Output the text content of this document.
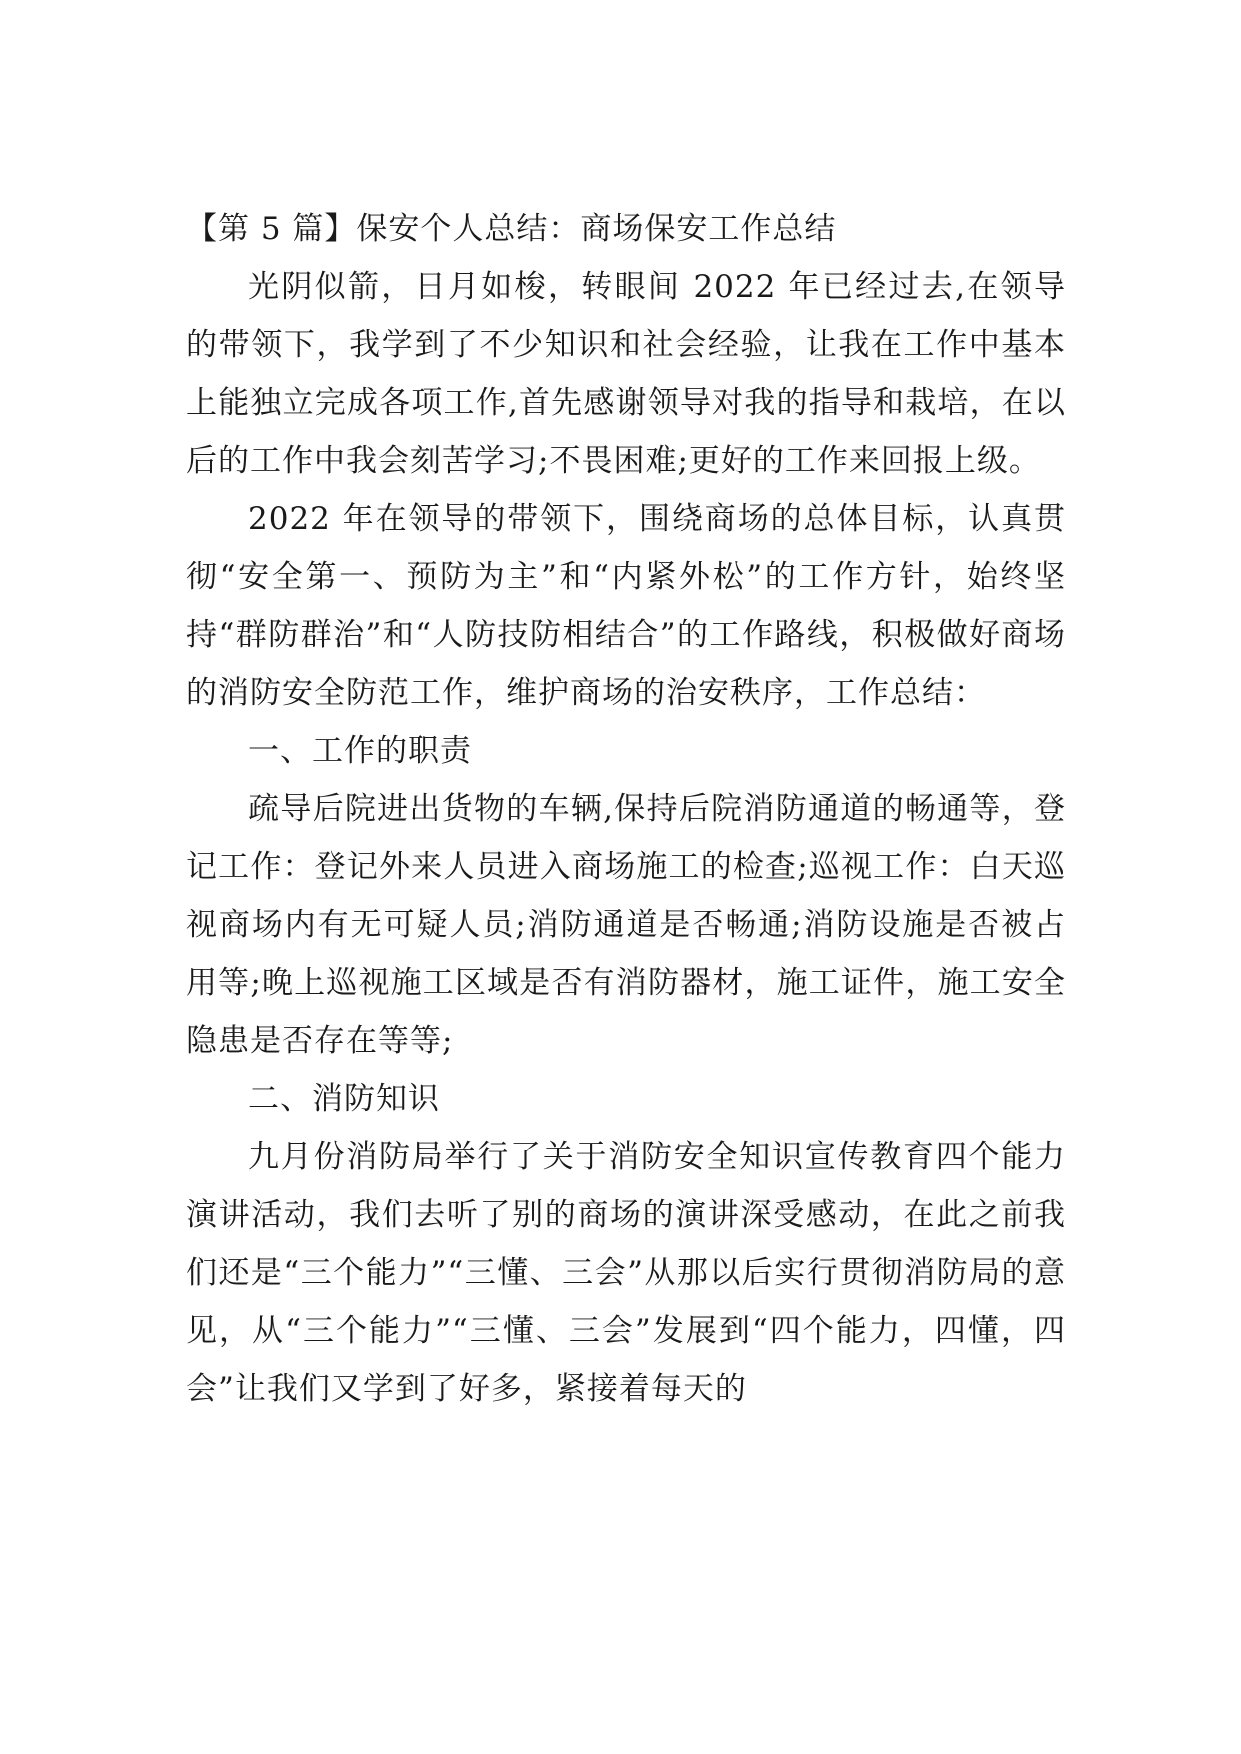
【第 5 篇】保安个人总结：商场保安工作总结

光阴似箭，日月如梭，转眼间 2022 年已经过去,在领导的带领下，我学到了不少知识和社会经验，让我在工作中基本上能独立完成各项工作,首先感谢领导对我的指导和栽培，在以后的工作中我会刻苦学习;不畏困难;更好的工作来回报上级。

2022 年在领导的带领下，围绕商场的总体目标，认真贯彻“安全第一、预防为主”和“内紧外松”的工作方针，始终坚持“群防群治”和“人防技防相结合”的工作路线，积极做好商场的消防安全防范工作，维护商场的治安秩序，工作总结：

一、工作的职责

疏导后院进出货物的车辆,保持后院消防通道的畅通等，登记工作：登记外来人员进入商场施工的检查;巡视工作：白天巡视商场内有无可疑人员;消防通道是否畅通;消防设施是否被占用等;晚上巡视施工区域是否有消防器材，施工证件，施工安全隐患是否存在等等;

二、消防知识

九月份消防局举行了关于消防安全知识宣传教育四个能力演讲活动，我们去听了别的商场的演讲深受感动，在此之前我们还是“三个能力”“三懂、三会”从那以后实行贯彻消防局的意见，从“三个能力”“三懂、三会”发展到“四个能力，四懂，四会”让我们又学到了好多，紧接着每天的
